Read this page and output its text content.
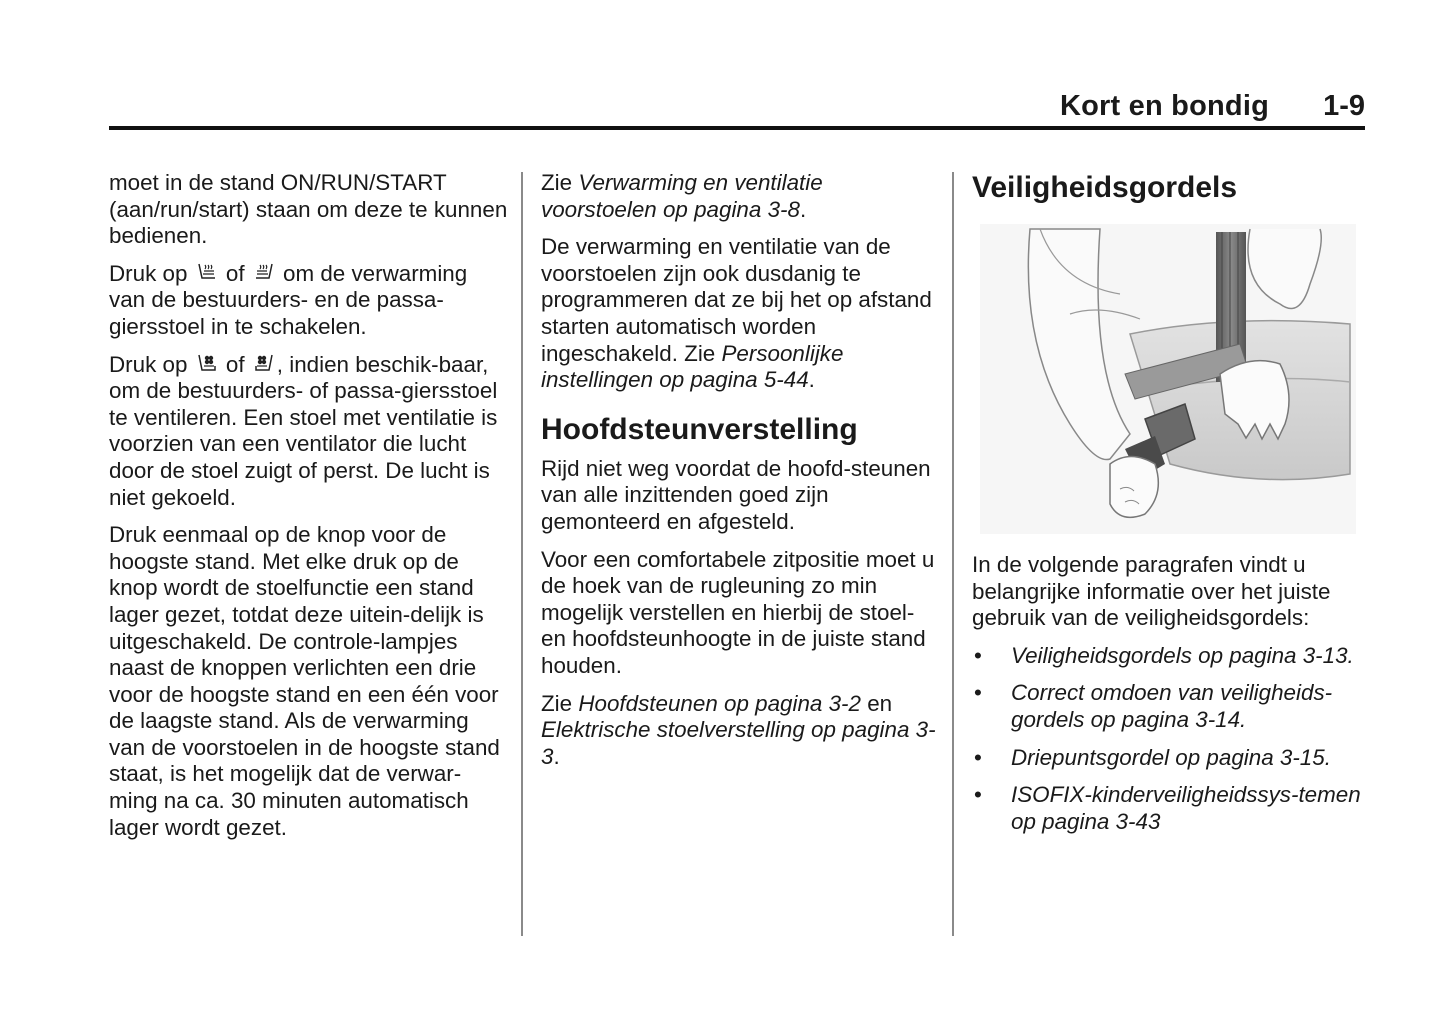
Kort en bondig 1-9

moet in de stand ON/RUN/START (aan/run/start) staan om deze te kunnen bedienen.

Druk op of om de verwarming van de bestuurders- en de passa-giersstoel in te schakelen.

Druk op of , indien beschik-baar, om de bestuurders- of passa-giersstoel te ventileren. Een stoel met ventilatie is voorzien van een ventilator die lucht door de stoel zuigt of perst. De lucht is niet gekoeld.

Druk eenmaal op de knop voor de hoogste stand. Met elke druk op de knop wordt de stoelfunctie een stand lager gezet, totdat deze uitein-delijk is uitgeschakeld. De controle-lampjes naast de knoppen verlichten een drie voor de hoogste stand en een één voor de laagste stand. Als de verwarming van de voorstoelen in de hoogste stand staat, is het mogelijk dat de verwar-ming na ca. 30 minuten automatisch lager wordt gezet.

Zie Verwarming en ventilatie voorstoelen op pagina 3-8.

De verwarming en ventilatie van de voorstoelen zijn ook dusdanig te programmeren dat ze bij het op afstand starten automatisch worden ingeschakeld. Zie Persoonlijke instellingen op pagina 5-44.

Hoofdsteunverstelling

Rijd niet weg voordat de hoofd-steunen van alle inzittenden goed zijn gemonteerd en afgesteld.

Voor een comfortabele zitpositie moet u de hoek van de rugleuning zo min mogelijk verstellen en hierbij de stoel- en hoofdsteunhoogte in de juiste stand houden.

Zie Hoofdsteunen op pagina 3-2 en Elektrische stoelverstelling op pagina 3-3.

Veiligheidsgordels

In de volgende paragrafen vindt u belangrijke informatie over het juiste gebruik van de veiligheidsgordels:

• Veiligheidsgordels op pagina 3-13.
• Correct omdoen van veiligheids-gordels op pagina 3-14.
• Driepuntsgordel op pagina 3-15.
• ISOFIX-kinderveiligheidssys-temen op pagina 3-43
